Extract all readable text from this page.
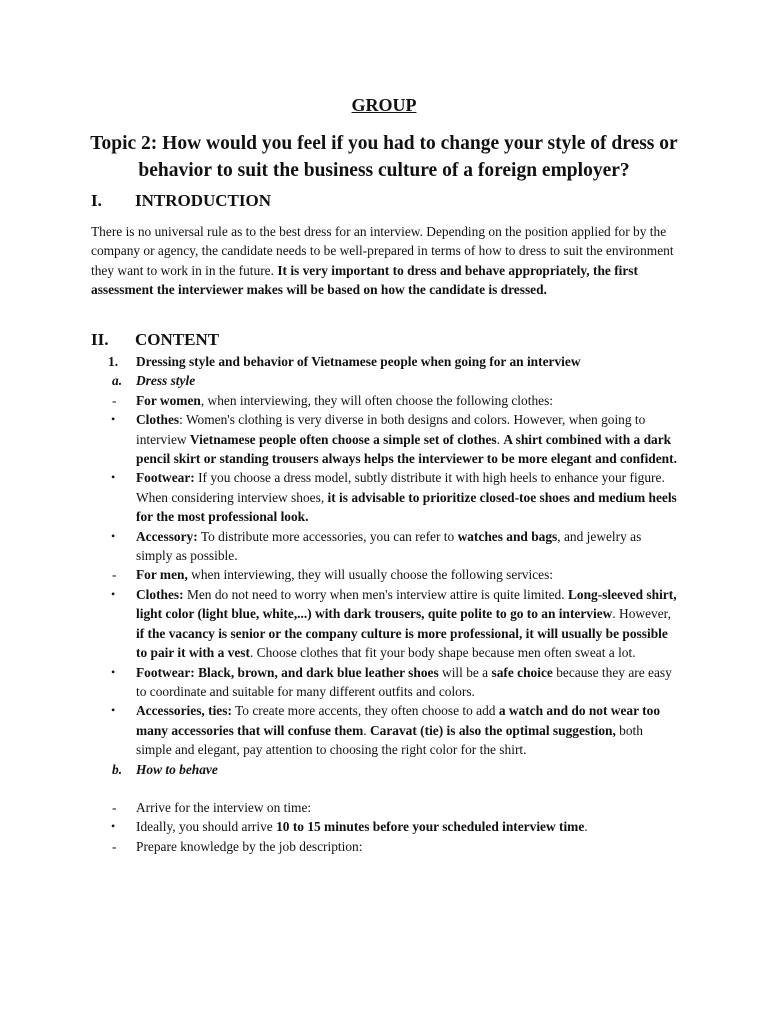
GROUP
Topic 2: How would you feel if you had to change your style of dress or behavior to suit the business culture of a foreign employer?
I. INTRODUCTION
There is no universal rule as to the best dress for an interview. Depending on the position applied for by the company or agency, the candidate needs to be well-prepared in terms of how to dress to suit the environment they want to work in in the future. It is very important to dress and behave appropriately, the first assessment the interviewer makes will be based on how the candidate is dressed.
II. CONTENT
1.	Dressing style and behavior of Vietnamese people when going for an interview
a.	Dress style
-	For women, when interviewing, they will often choose the following clothes:
•	Clothes: Women's clothing is very diverse in both designs and colors. However, when going to interview Vietnamese people often choose a simple set of clothes. A shirt combined with a dark pencil skirt or standing trousers always helps the interviewer to be more elegant and confident.
•	Footwear: If you choose a dress model, subtly distribute it with high heels to enhance your figure. When considering interview shoes, it is advisable to prioritize closed-toe shoes and medium heels for the most professional look.
•	Accessory: To distribute more accessories, you can refer to watches and bags, and jewelry as simply as possible.
-	For men, when interviewing, they will usually choose the following services:
•	Clothes: Men do not need to worry when men's interview attire is quite limited. Long-sleeved shirt, light color (light blue, white,...) with dark trousers, quite polite to go to an interview. However, if the vacancy is senior or the company culture is more professional, it will usually be possible to pair it with a vest. Choose clothes that fit your body shape because men often sweat a lot.
•	Footwear: Black, brown, and dark blue leather shoes will be a safe choice because they are easy to coordinate and suitable for many different outfits and colors.
•	Accessories, ties: To create more accents, they often choose to add a watch and do not wear too many accessories that will confuse them. Caravat (tie) is also the optimal suggestion, both simple and elegant, pay attention to choosing the right color for the shirt.
b.	How to behave
-	Arrive for the interview on time:
•	Ideally, you should arrive 10 to 15 minutes before your scheduled interview time.
-	Prepare knowledge by the job description:
